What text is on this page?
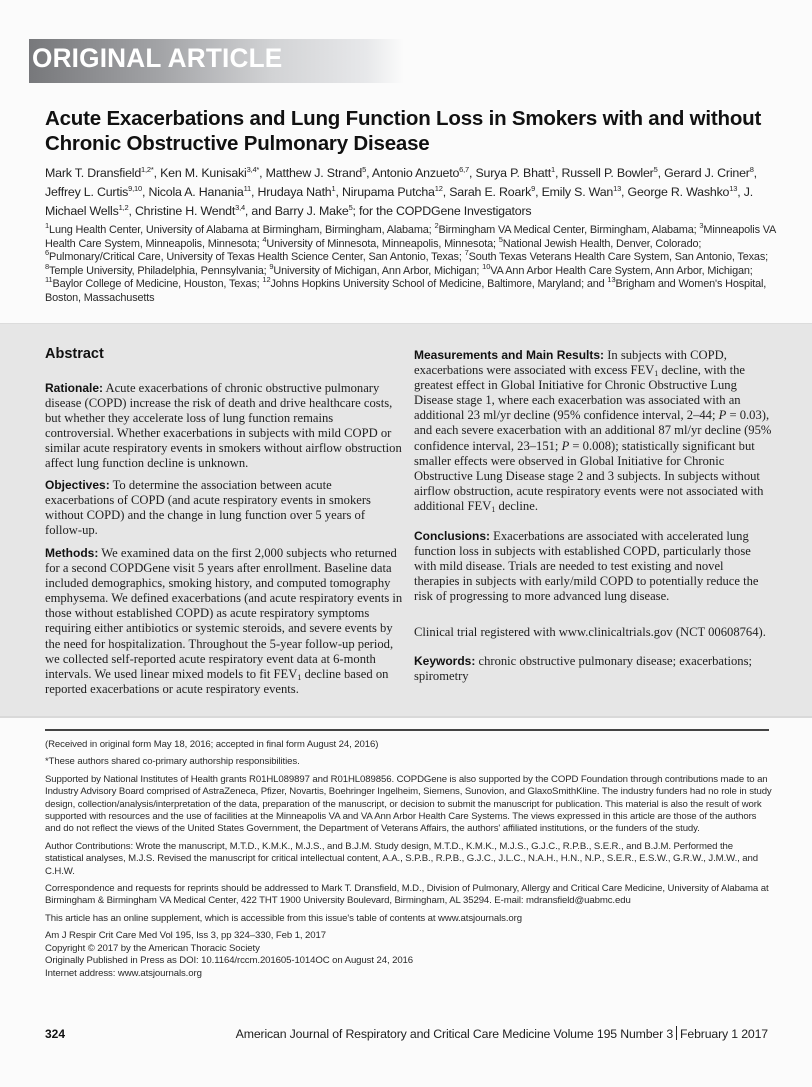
ORIGINAL ARTICLE
Acute Exacerbations and Lung Function Loss in Smokers with and without Chronic Obstructive Pulmonary Disease
Mark T. Dransfield$^{1,2*}$, Ken M. Kunisaki$^{3,4*}$, Matthew J. Strand$^5$, Antonio Anzueto$^{6,7}$, Surya P. Bhatt$^1$, Russell P. Bowler$^5$, Gerard J. Criner$^8$, Jeffrey L. Curtis$^{9,10}$, Nicola A. Hanania$^{11}$, Hrudaya Nath$^1$, Nirupama Putcha$^{12}$, Sarah E. Roark$^9$, Emily S. Wan$^{13}$, George R. Washko$^{13}$, J. Michael Wells$^{1,2}$, Christine H. Wendt$^{3,4}$, and Barry J. Make$^5$; for the COPDGene Investigators
$^1$Lung Health Center, University of Alabama at Birmingham, Birmingham, Alabama; $^2$Birmingham VA Medical Center, Birmingham, Alabama; $^3$Minneapolis VA Health Care System, Minneapolis, Minnesota; $^4$University of Minnesota, Minneapolis, Minnesota; $^5$National Jewish Health, Denver, Colorado; $^6$Pulmonary/Critical Care, University of Texas Health Science Center, San Antonio, Texas; $^7$South Texas Veterans Health Care System, San Antonio, Texas; $^8$Temple University, Philadelphia, Pennsylvania; $^9$University of Michigan, Ann Arbor, Michigan; $^{10}$VA Ann Arbor Health Care System, Ann Arbor, Michigan; $^{11}$Baylor College of Medicine, Houston, Texas; $^{12}$Johns Hopkins University School of Medicine, Baltimore, Maryland; and $^{13}$Brigham and Women's Hospital, Boston, Massachusetts
Abstract

Rationale: Acute exacerbations of chronic obstructive pulmonary disease (COPD) increase the risk of death and drive healthcare costs, but whether they accelerate loss of lung function remains controversial. Whether exacerbations in subjects with mild COPD or similar acute respiratory events in smokers without airflow obstruction affect lung function decline is unknown.

Objectives: To determine the association between acute exacerbations of COPD (and acute respiratory events in smokers without COPD) and the change in lung function over 5 years of follow-up.

Methods: We examined data on the first 2,000 subjects who returned for a second COPDGene visit 5 years after enrollment. Baseline data included demographics, smoking history, and computed tomography emphysema. We defined exacerbations (and acute respiratory events in those without established COPD) as acute respiratory symptoms requiring either antibiotics or systemic steroids, and severe events by the need for hospitalization. Throughout the 5-year follow-up period, we collected self-reported acute respiratory event data at 6-month intervals. We used linear mixed models to fit $FEV_1$ decline based on reported exacerbations or acute respiratory events.

Measurements and Main Results: In subjects with COPD, exacerbations were associated with excess $FEV_1$ decline, with the greatest effect in Global Initiative for Chronic Obstructive Lung Disease stage 1, where each exacerbation was associated with an additional 23 ml/yr decline (95% confidence interval, 2–44; P = 0.03), and each severe exacerbation with an additional 87 ml/yr decline (95% confidence interval, 23–151; P = 0.008); statistically significant but smaller effects were observed in Global Initiative for Chronic Obstructive Lung Disease stage 2 and 3 subjects. In subjects without airflow obstruction, acute respiratory events were not associated with additional $FEV_1$ decline.

Conclusions: Exacerbations are associated with accelerated lung function loss in subjects with established COPD, particularly those with mild disease. Trials are needed to test existing and novel therapies in subjects with early/mild COPD to potentially reduce the risk of progressing to more advanced lung disease.

Clinical trial registered with www.clinicaltrials.gov (NCT 00608764).

Keywords: chronic obstructive pulmonary disease; exacerbations; spirometry

(Received in original form May 18, 2016; accepted in final form August 24, 2016)

*These authors shared co-primary authorship responsibilities.

Supported by National Institutes of Health grants R01HL089897 and R01HL089856. COPDGene is also supported by the COPD Foundation through contributions made to an Industry Advisory Board comprised of AstraZeneca, Pfizer, Novartis, Boehringer Ingelheim, Siemens, Sunovion, and GlaxoSmithKline. The industry funders had no role in study design, collection/analysis/interpretation of the data, preparation of the manuscript, or decision to submit the manuscript for publication. This material is also the result of work supported with resources and the use of facilities at the Minneapolis VA and VA Ann Arbor Health Care Systems. The views expressed in this article are those of the authors and do not reflect the views of the United States Government, the Department of Veterans Affairs, the authors' affiliated institutions, or the funders of the study.

Author Contributions: Wrote the manuscript, M.T.D., K.M.K., M.J.S., and B.J.M. Study design, M.T.D., K.M.K., M.J.S., G.J.C., R.P.B., S.E.R., and B.J.M. Performed the statistical analyses, M.J.S. Revised the manuscript for critical intellectual content, A.A., S.P.B., R.P.B., G.J.C., J.L.C., N.A.H., H.N., N.P., S.E.R., E.S.W., G.R.W., J.M.W., and C.H.W.

Correspondence and requests for reprints should be addressed to Mark T. Dransfield, M.D., Division of Pulmonary, Allergy and Critical Care Medicine, University of Alabama at Birmingham & Birmingham VA Medical Center, 422 THT 1900 University Boulevard, Birmingham, AL 35294. E-mail: mdransfield@uabmc.edu

This article has an online supplement, which is accessible from this issue's table of contents at www.atsjournals.org

Am J Respir Crit Care Med Vol 195, Iss 3, pp 324–330, Feb 1, 2017
Copyright © 2017 by the American Thoracic Society
Originally Published in Press as DOI: 10.1164/rccm.201605-1014OC on August 24, 2016
Internet address: www.atsjournals.org
324	American Journal of Respiratory and Critical Care Medicine Volume 195 Number 3 February 1 2017
